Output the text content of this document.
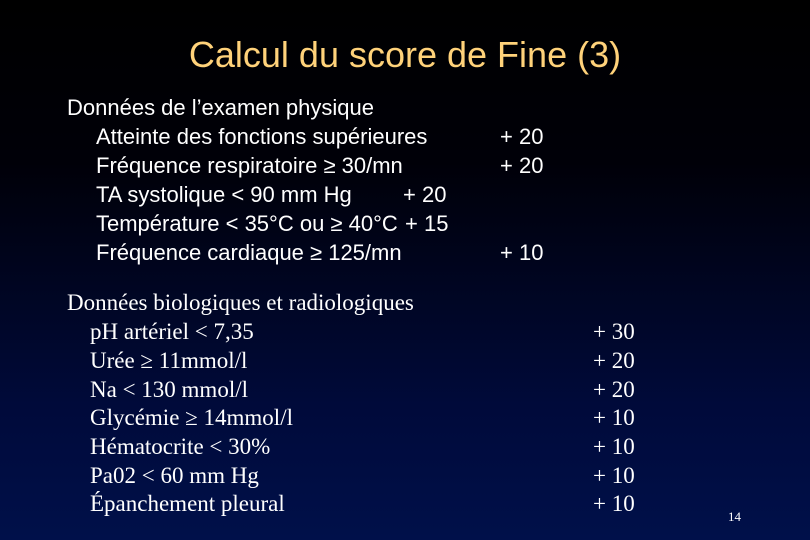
Calcul du score de Fine (3)
Données de l’examen physique
Atteinte des fonctions supérieures	+ 20
Fréquence respiratoire ≥ 30/mn	+ 20
TA systolique < 90 mm Hg + 20
Température < 35°C ou ≥ 40°C + 15
Fréquence cardiaque ≥ 125/mn	+ 10
Données biologiques et radiologiques
pH artériel < 7,35	+ 30
Urée ≥ 11mmol/l	+ 20
Na < 130 mmol/l	+ 20
Glycémie ≥ 14mmol/l	+ 10
Hématocrite < 30%	+ 10
Pa02 < 60 mm Hg	+ 10
Épanchement pleural	+ 10
14
